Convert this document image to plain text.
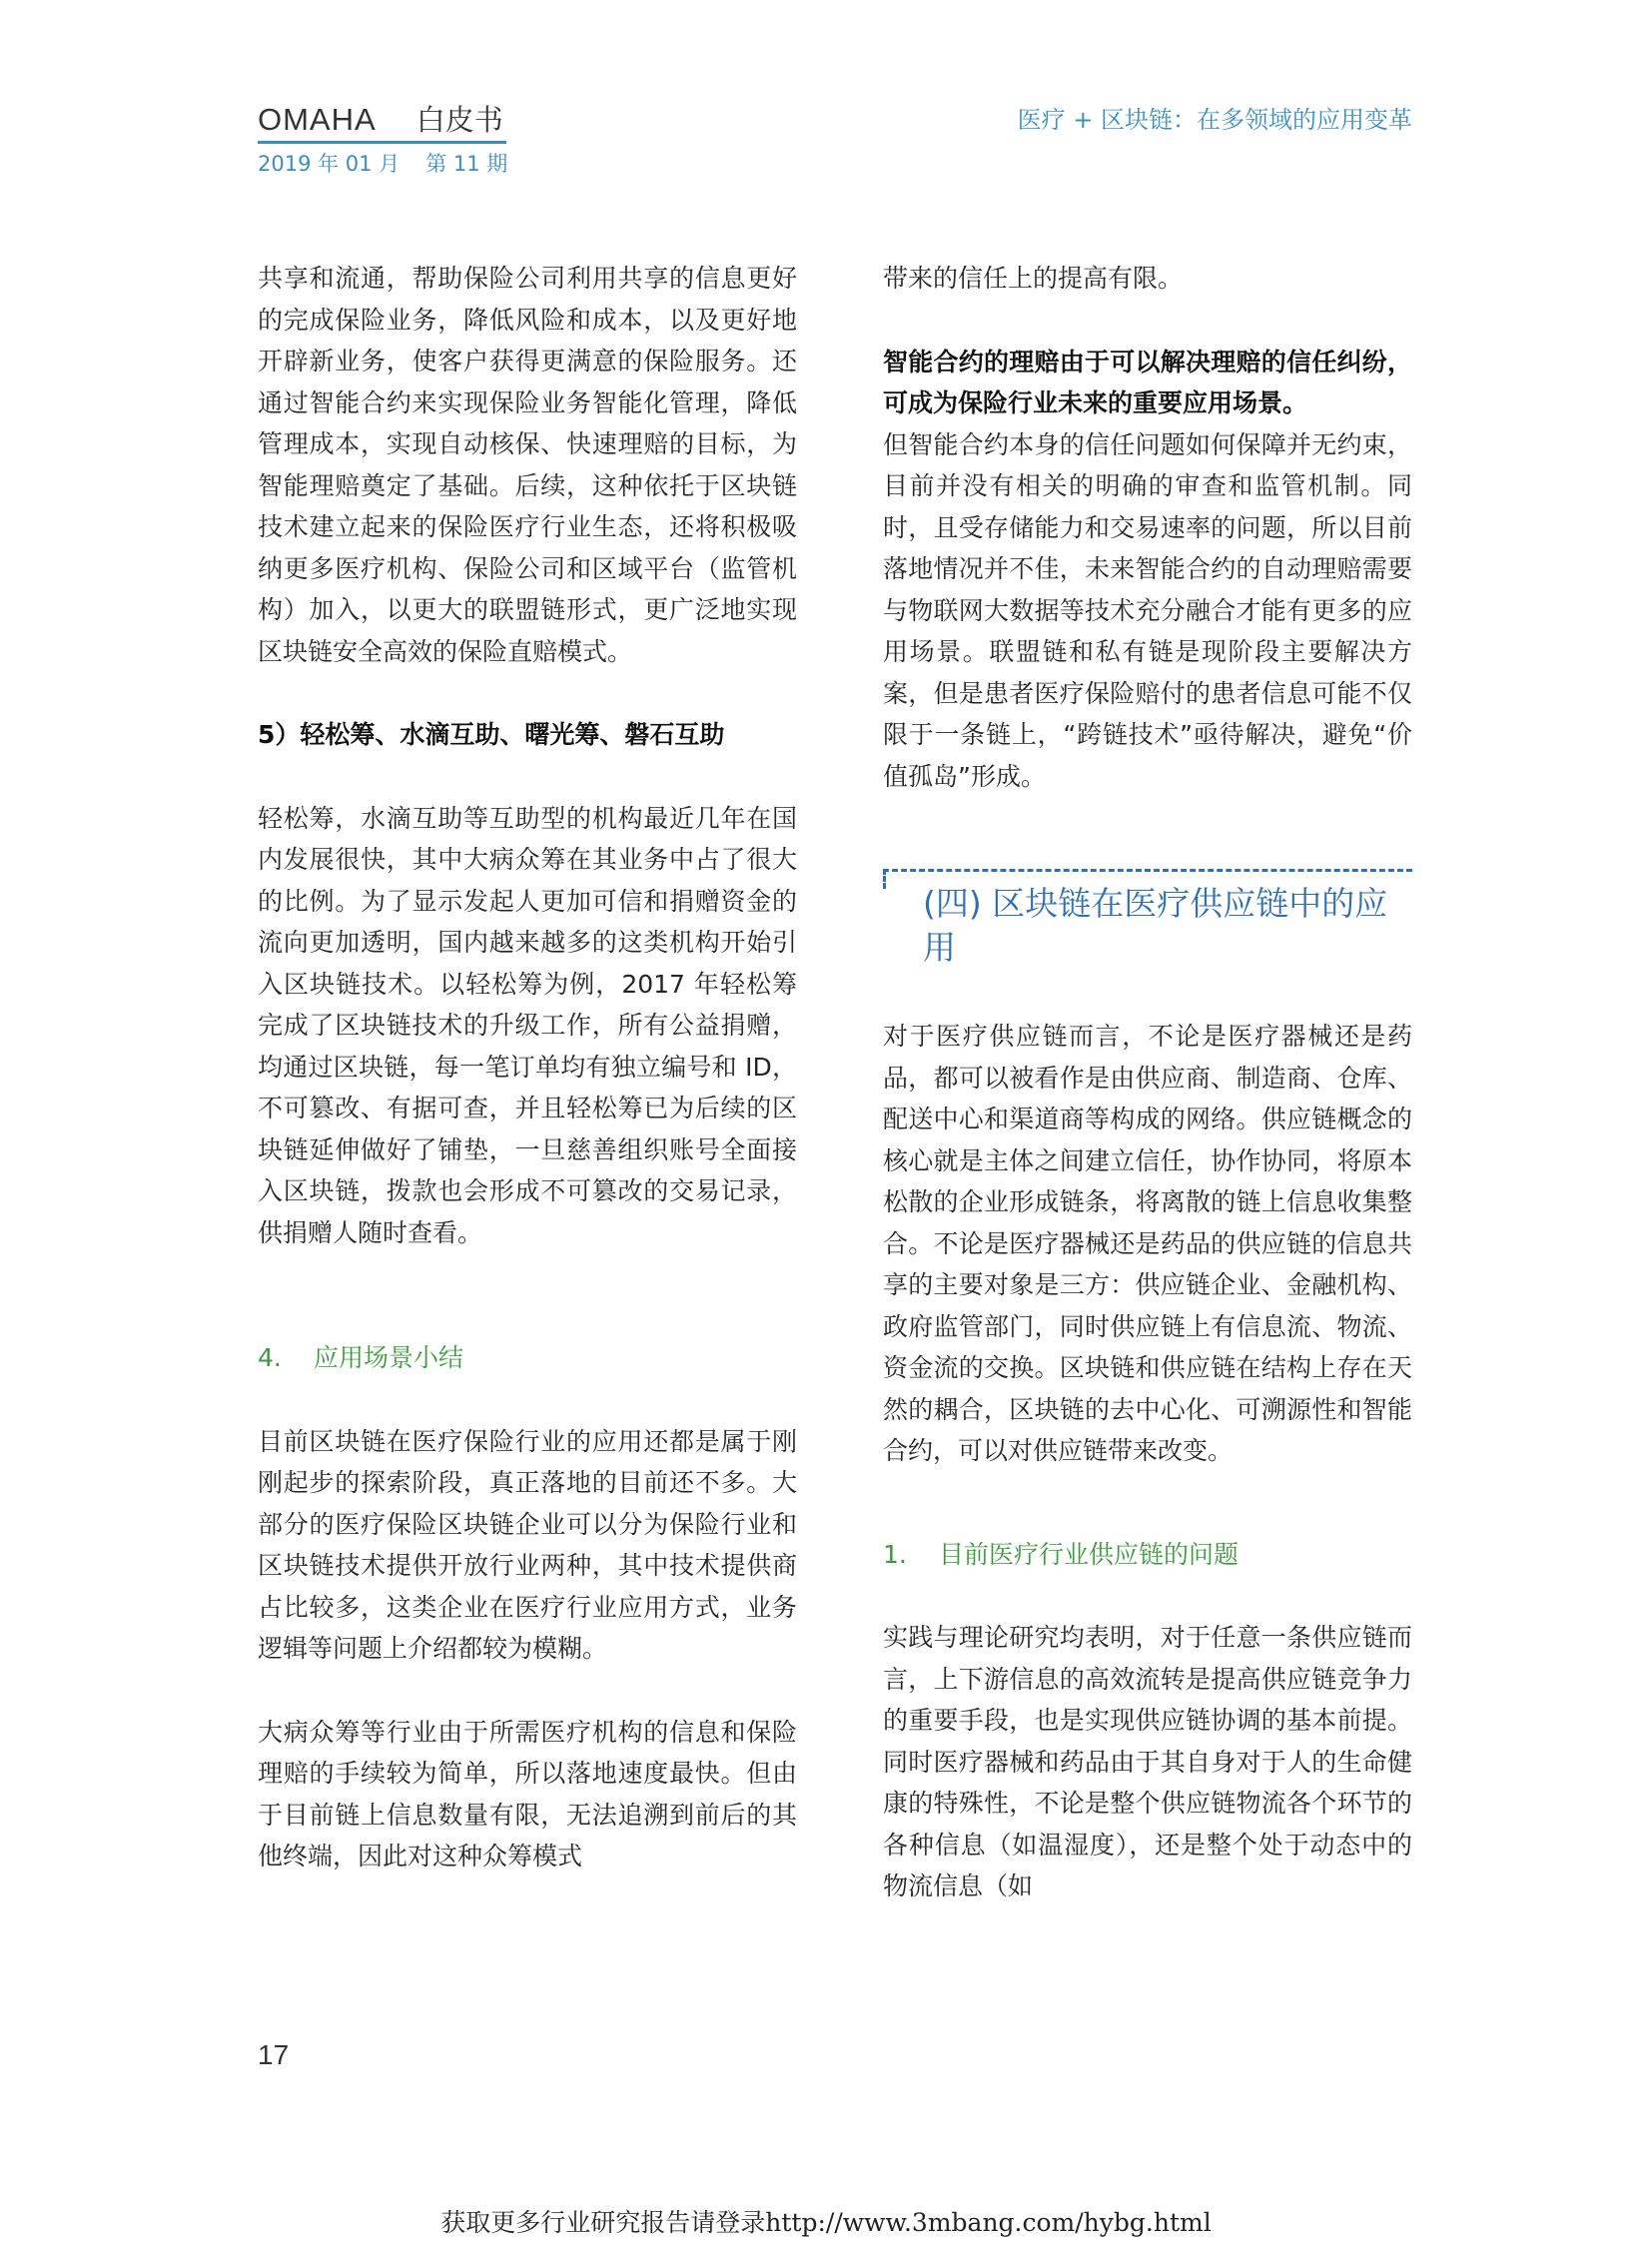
OMAHA 白皮书
2019 年 01 月 第 11 期
医疗 + 区块链：在多领域的应用变革

共享和流通，帮助保险公司利用共享的信息更好的完成保险业务，降低风险和成本，以及更好地开辟新业务，使客户获得更满意的保险服务。还通过智能合约来实现保险业务智能化管理，降低管理成本，实现自动核保、快速理赔的目标，为智能理赔奠定了基础。后续，这种依托于区块链技术建立起来的保险医疗行业生态，还将积极吸纳更多医疗机构、保险公司和区域平台（监管机构）加入，以更大的联盟链形式，更广泛地实现区块链安全高效的保险直赔模式。

5）轻松筹、水滴互助、曙光筹、磐石互助

轻松筹，水滴互助等互助型的机构最近几年在国内发展很快，其中大病众筹在其业务中占了很大的比例。为了显示发起人更加可信和捐赠资金的流向更加透明，国内越来越多的这类机构开始引入区块链技术。以轻松筹为例，2017 年轻松筹完成了区块链技术的升级工作，所有公益捐赠，均通过区块链，每一笔订单均有独立编号和 ID，不可篡改、有据可查，并且轻松筹已为后续的区块链延伸做好了铺垫，一旦慈善组织账号全面接入区块链，拨款也会形成不可篡改的交易记录，供捐赠人随时查看。

4. 应用场景小结

目前区块链在医疗保险行业的应用还都是属于刚刚起步的探索阶段，真正落地的目前还不多。大部分的医疗保险区块链企业可以分为保险行业和区块链技术提供开放行业两种，其中技术提供商占比较多，这类企业在医疗行业应用方式，业务逻辑等问题上介绍都较为模糊。

大病众筹等行业由于所需医疗机构的信息和保险理赔的手续较为简单，所以落地速度最快。但由于目前链上信息数量有限，无法追溯到前后的其他终端，因此对这种众筹模式

带来的信任上的提高有限。

智能合约的理赔由于可以解决理赔的信任纠纷，可成为保险行业未来的重要应用场景。

但智能合约本身的信任问题如何保障并无约束，目前并没有相关的明确的审查和监管机制。同时，且受存储能力和交易速率的问题，所以目前落地情况并不佳，未来智能合约的自动理赔需要与物联网大数据等技术充分融合才能有更多的应用场景。联盟链和私有链是现阶段主要解决方案，但是患者医疗保险赔付的患者信息可能不仅限于一条链上，“跨链技术”亟待解决，避免“价值孤岛”形成。

(四) 区块链在医疗供应链中的应用

对于医疗供应链而言，不论是医疗器械还是药品，都可以被看作是由供应商、制造商、仓库、配送中心和渠道商等构成的网络。供应链概念的核心就是主体之间建立信任，协作协同，将原本松散的企业形成链条，将离散的链上信息收集整合。不论是医疗器械还是药品的供应链的信息共享的主要对象是三方：供应链企业、金融机构、政府监管部门，同时供应链上有信息流、物流、资金流的交换。区块链和供应链在结构上存在天然的耦合，区块链的去中心化、可溯源性和智能合约，可以对供应链带来改变。

1. 目前医疗行业供应链的问题

实践与理论研究均表明，对于任意一条供应链而言，上下游信息的高效流转是提高供应链竞争力的重要手段，也是实现供应链协调的基本前提。同时医疗器械和药品由于其自身对于人的生命健康的特殊性，不论是整个供应链物流各个环节的各种信息（如温湿度），还是整个处于动态中的物流信息（如

17
获取更多行业研究报告请登录http://www.3mbang.com/hybg.html
